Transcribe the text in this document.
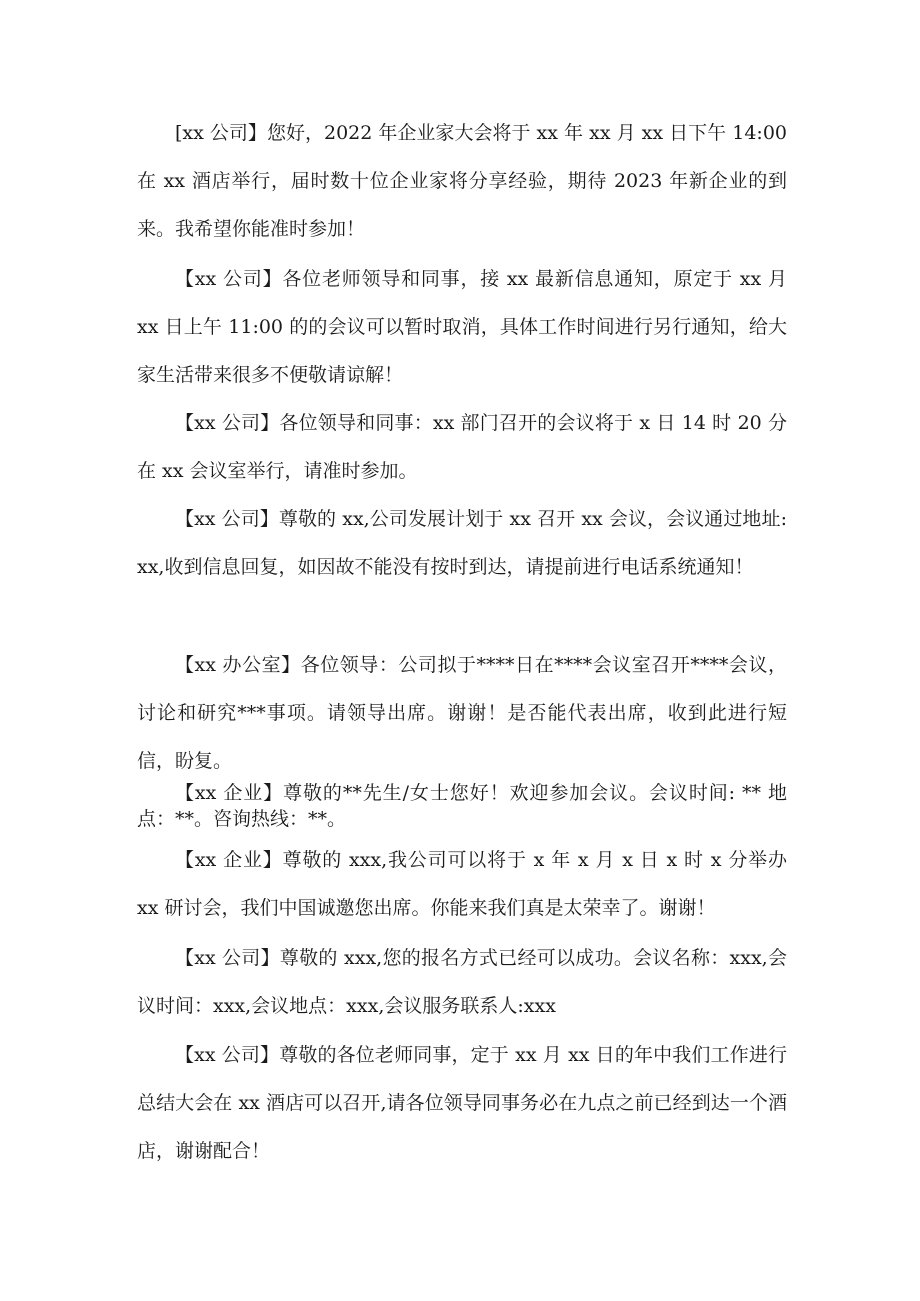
[xx 公司】您好，2022 年企业家大会将于 xx 年 xx 月 xx 日下午 14:00 在 xx 酒店举行，届时数十位企业家将分享经验，期待 2023 年新企业的到来。我希望你能准时参加！

【xx 公司】各位老师领导和同事，接 xx 最新信息通知，原定于 xx 月 xx 日上午 11:00 的的会议可以暂时取消，具体工作时间进行另行通知，给大家生活带来很多不便敬请谅解！

【xx 公司】各位领导和同事：xx 部门召开的会议将于 x 日 14 时 20 分在 xx 会议室举行，请准时参加。

【xx 公司】尊敬的 xx,公司发展计划于 xx 召开 xx 会议，会议通过地址: xx,收到信息回复，如因故不能没有按时到达，请提前进行电话系统通知！

【xx 办公室】各位领导：公司拟于****日在****会议室召开****会议，讨论和研究***事项。请领导出席。谢谢！是否能代表出席，收到此进行短信，盼复。

【xx 企业】尊敬的**先生/女士您好！欢迎参加会议。会议时间: ** 地点：**。咨询热线：**。

【xx 企业】尊敬的 xxx,我公司可以将于 x 年 x 月 x 日 x 时 x 分举办 xx 研讨会，我们中国诚邀您出席。你能来我们真是太荣幸了。谢谢！

【xx 公司】尊敬的 xxx,您的报名方式已经可以成功。会议名称：xxx,会议时间：xxx,会议地点：xxx,会议服务联系人:xxx

【xx 公司】尊敬的各位老师同事，定于 xx 月 xx 日的年中我们工作进行总结大会在 xx 酒店可以召开,请各位领导同事务必在九点之前已经到达一个酒店，谢谢配合！
